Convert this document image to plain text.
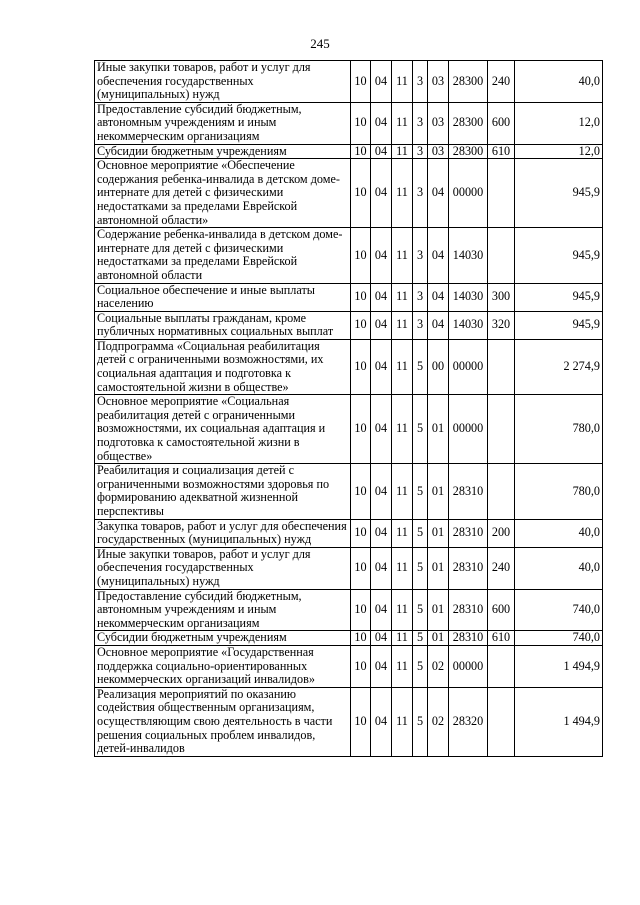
245
Иные закупки товаров, работ и услуг для обеспечения государственных (муниципальных) нужд	10	04	11	3	03	28300	240	40,0
Предоставление субсидий бюджетным, автономным учреждениям и иным некоммерческим организациям	10	04	11	3	03	28300	600	12,0
Субсидии бюджетным учреждениям	10	04	11	3	03	28300	610	12,0
Основное мероприятие «Обеспечение содержания ребенка-инвалида в детском доме-интернате для детей с физическими недостатками за пределами Еврейской автономной области»	10	04	11	3	04	00000		945,9
Содержание ребенка-инвалида в детском доме-интернате для детей с физическими недостатками за пределами Еврейской автономной области	10	04	11	3	04	14030		945,9
Социальное обеспечение и иные выплаты населению	10	04	11	3	04	14030	300	945,9
Социальные выплаты гражданам, кроме публичных нормативных социальных выплат	10	04	11	3	04	14030	320	945,9
Подпрограмма «Социальная реабилитация детей с ограниченными возможностями, их социальная адаптация и подготовка к самостоятельной жизни в обществе»	10	04	11	5	00	00000		2 274,9
Основное мероприятие «Социальная реабилитация детей с ограниченными возможностями, их социальная адаптация и подготовка к самостоятельной жизни в обществе»	10	04	11	5	01	00000		780,0
Реабилитация и социализация детей с ограниченными возможностями здоровья по формированию адекватной жизненной перспективы	10	04	11	5	01	28310		780,0
Закупка товаров, работ и услуг для обеспечения государственных (муниципальных) нужд	10	04	11	5	01	28310	200	40,0
Иные закупки товаров, работ и услуг для обеспечения государственных (муниципальных) нужд	10	04	11	5	01	28310	240	40,0
Предоставление субсидий бюджетным, автономным учреждениям и иным некоммерческим организациям	10	04	11	5	01	28310	600	740,0
Субсидии бюджетным учреждениям	10	04	11	5	01	28310	610	740,0
Основное мероприятие «Государственная поддержка социально-ориентированных некоммерческих организаций инвалидов»	10	04	11	5	02	00000		1 494,9
Реализация мероприятий по оказанию содействия общественным организациям, осуществляющим свою деятельность в части решения социальных проблем инвалидов, детей-инвалидов	10	04	11	5	02	28320		1 494,9
